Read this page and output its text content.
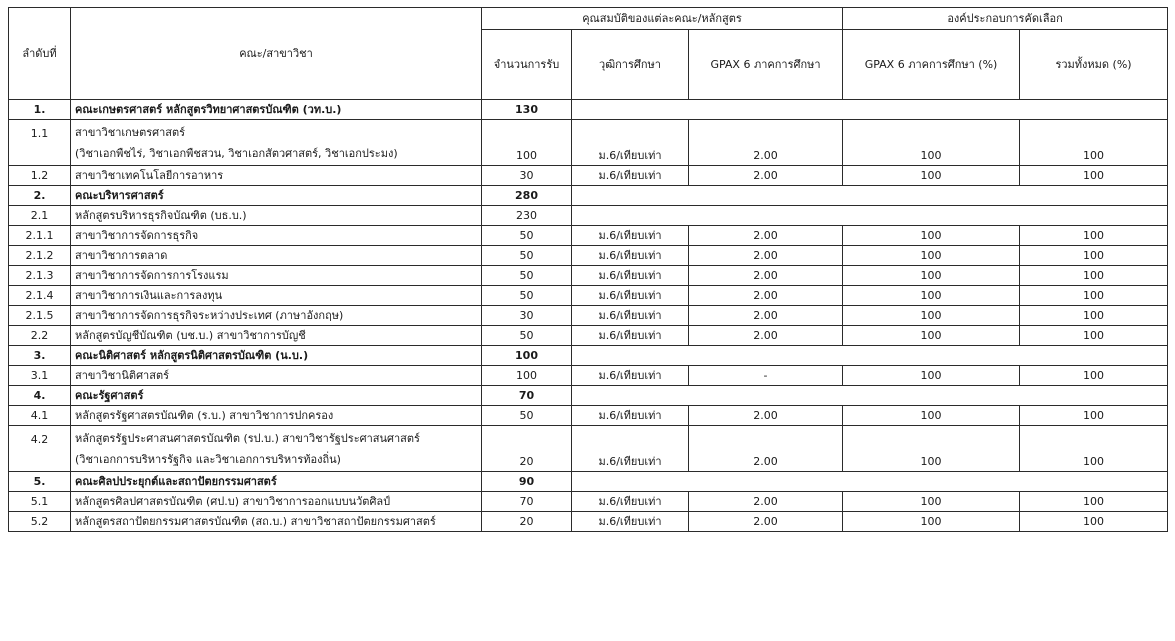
ลำดับที่	คณะ/สาขาวิชา	คุณสมบัติของแต่ละคณะ/หลักสูตร			องค์ประกอบการคัดเลือก	
		จำนวนการรับ	วุฒิการศึกษา	GPAX 6 ภาคการศึกษา	GPAX 6 ภาคการศึกษา (%)	รวมทั้งหมด (%)
1.	คณะเกษตรศาสตร์ หลักสูตรวิทยาศาสตรบัณฑิต (วท.บ.)	130				
1.1	สาขาวิชาเกษตรศาสตร์
(วิชาเอกพืชไร่, วิชาเอกพืชสวน, วิชาเอกสัตวศาสตร์, วิชาเอกประมง)	100	ม.6/เทียบเท่า	2.00	100	100
1.2	สาขาวิชาเทคโนโลยีการอาหาร	30	ม.6/เทียบเท่า	2.00	100	100
2.	คณะบริหารศาสตร์	280				
2.1	หลักสูตรบริหารธุรกิจบัณฑิต (บธ.บ.)	230				
2.1.1	สาขาวิชาการจัดการธุรกิจ	50	ม.6/เทียบเท่า	2.00	100	100
2.1.2	สาขาวิชาการตลาด	50	ม.6/เทียบเท่า	2.00	100	100
2.1.3	สาขาวิชาการจัดการการโรงแรม	50	ม.6/เทียบเท่า	2.00	100	100
2.1.4	สาขาวิชาการเงินและการลงทุน	50	ม.6/เทียบเท่า	2.00	100	100
2.1.5	สาขาวิชาการจัดการธุรกิจระหว่างประเทศ (ภาษาอังกฤษ)	30	ม.6/เทียบเท่า	2.00	100	100
2.2	หลักสูตรบัญชีบัณฑิต (บช.บ.) สาขาวิชาการบัญชี	50	ม.6/เทียบเท่า	2.00	100	100
3.	คณะนิติศาสตร์ หลักสูตรนิติศาสตรบัณฑิต (น.บ.)	100				
3.1	สาขาวิชานิติศาสตร์	100	ม.6/เทียบเท่า	-	100	100
4.	คณะรัฐศาสตร์	70				
4.1	หลักสูตรรัฐศาสตรบัณฑิต (ร.บ.) สาขาวิชาการปกครอง	50	ม.6/เทียบเท่า	2.00	100	100
4.2	หลักสูตรรัฐประศาสนศาสตรบัณฑิต (รป.บ.) สาขาวิชารัฐประศาสนศาสตร์
(วิชาเอกการบริหารรัฐกิจ และวิชาเอกการบริหารท้องถิ่น)	20	ม.6/เทียบเท่า	2.00	100	100
5.	คณะศิลปประยุกต์และสถาปัตยกรรมศาสตร์	90				
5.1	หลักสูตรศิลปศาสตรบัณฑิต (ศป.บ) สาขาวิชาการออกแบบนวัตศิลป์	70	ม.6/เทียบเท่า	2.00	100	100
5.2	หลักสูตรสถาปัตยกรรมศาสตรบัณฑิต (สถ.บ.) สาขาวิชาสถาปัตยกรรมศาสตร์	20	ม.6/เทียบเท่า	2.00	100	100
